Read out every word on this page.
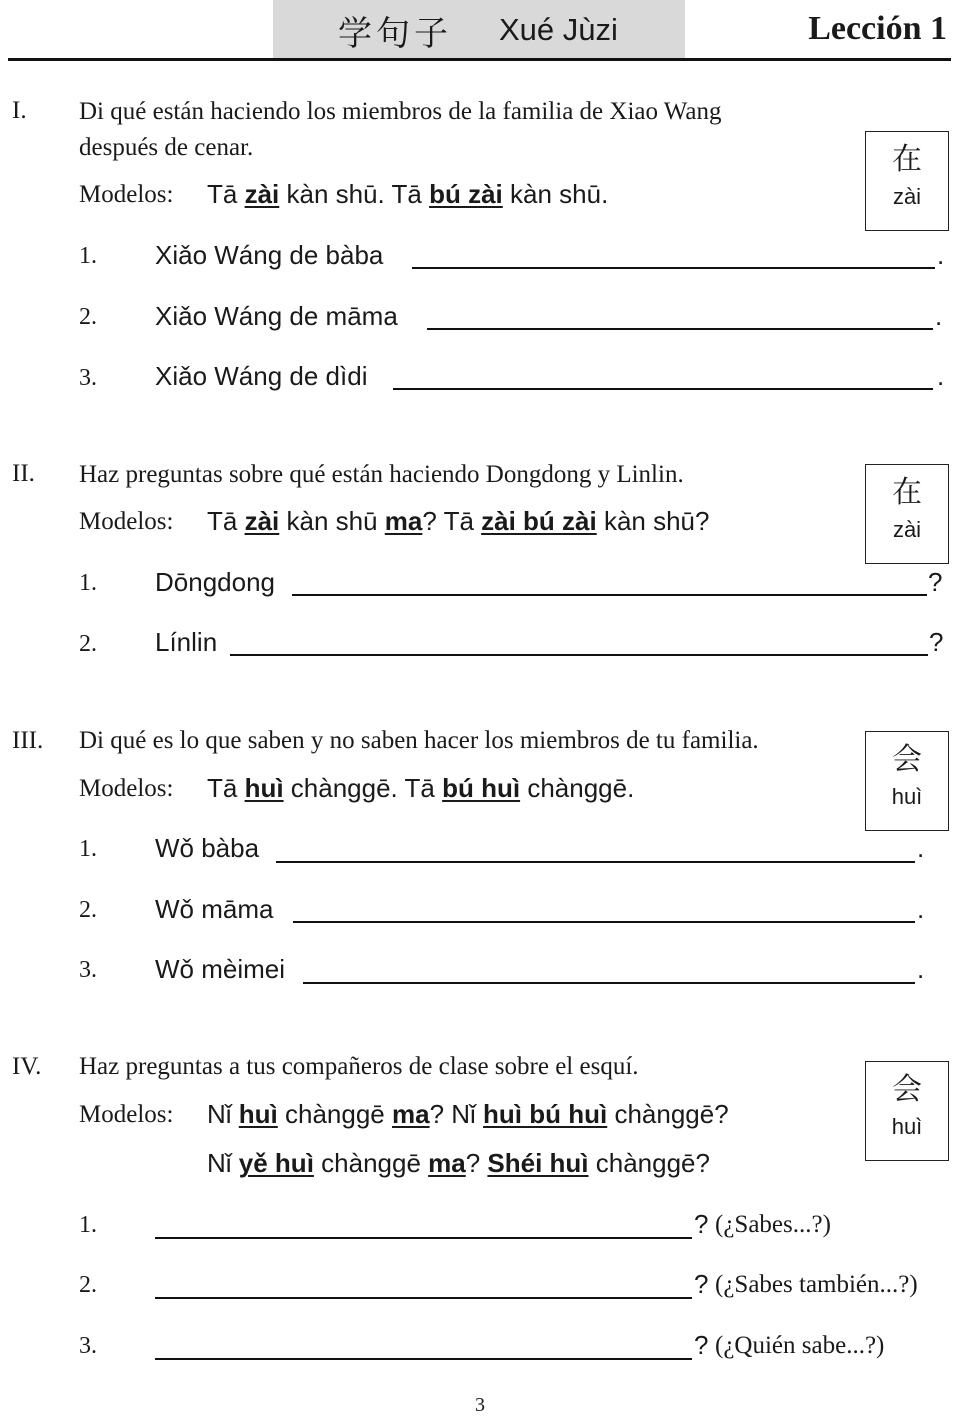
学句子 Xué Jùzi	Lección 1
I. Di qué están haciendo los miembros de la familia de Xiao Wang
después de cenar.
Modelos: Tā zài kàn shū. Tā bú zài kàn shū.
在
zài
1. Xiǎo Wáng de bàba	.
2. Xiǎo Wáng de māma	.
3. Xiǎo Wáng de dìdi	.
II. Haz preguntas sobre qué están haciendo Dongdong y Linlin.
Modelos: Tā zài kàn shū ma? Tā zài bú zài kàn shū?
在
zài
1. Dōngdong	?
2. Línlin	?
III. Di qué es lo que saben y no saben hacer los miembros de tu familia.
Modelos: Tā huì chànggē. Tā bú huì chànggē.
会
huì
1. Wǒ bàba	.
2. Wǒ māma	.
3. Wǒ mèimei	.
IV. Haz preguntas a tus compañeros de clase sobre el esquí.
Modelos: Nǐ huì chànggē ma? Nǐ huì bú huì chànggē?
Nǐ yě huì chànggē ma? Shéi huì chànggē?
会
huì
1.	? (¿Sabes...?)
2.	? (¿Sabes también...?)
3.	? (¿Quién sabe...?)
3
